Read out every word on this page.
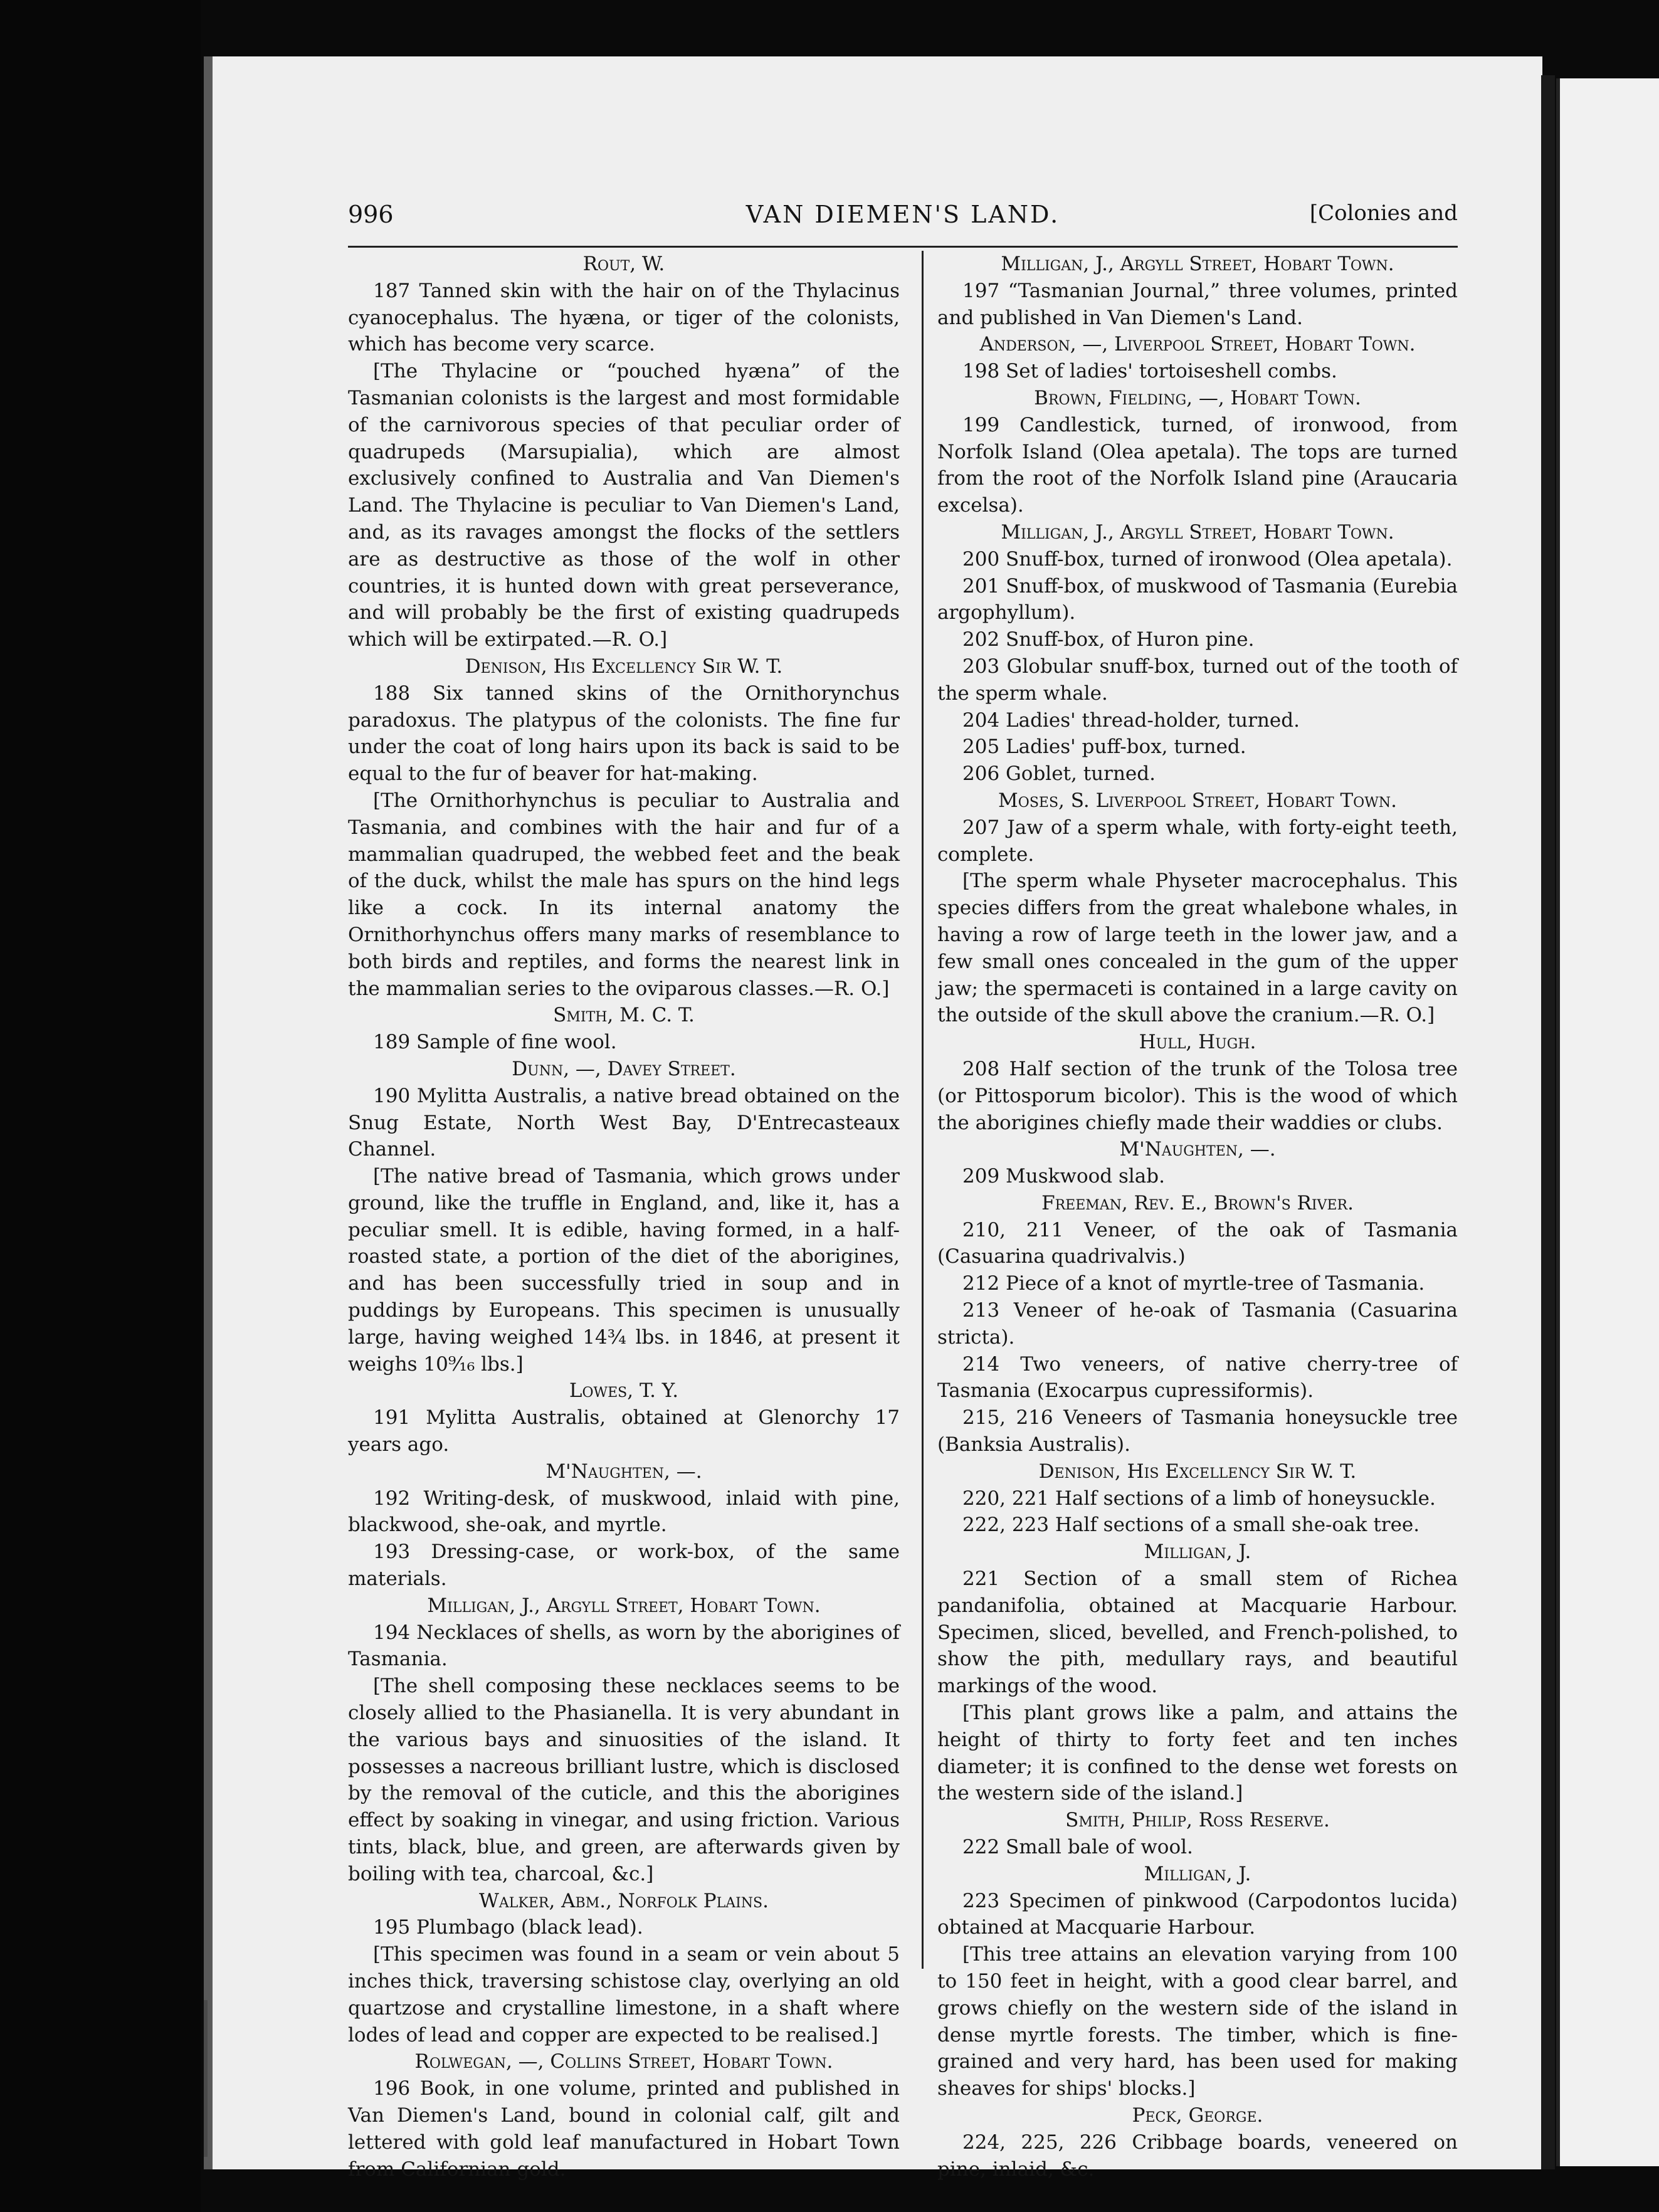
996	VAN DIEMEN'S LAND.	[Colonies and

Rout, W.

187 Tanned skin with the hair on of the Thylacinus cyanocephalus. The hyæna, or tiger of the colonists, which has become very scarce.

[The Thylacine or “pouched hyæna” of the Tasmanian colonists is the largest and most formidable of the carnivorous species of that peculiar order of quadrupeds (Marsupialia), which are almost exclusively confined to Australia and Van Diemen's Land. The Thylacine is peculiar to Van Diemen's Land, and, as its ravages amongst the flocks of the settlers are as destructive as those of the wolf in other countries, it is hunted down with great perseverance, and will probably be the first of existing quadrupeds which will be extirpated.—R. O.]

Denison, His Excellency Sir W. T.

188 Six tanned skins of the Ornithorynchus paradoxus. The platypus of the colonists. The fine fur under the coat of long hairs upon its back is said to be equal to the fur of beaver for hat-making.

[The Ornithorhynchus is peculiar to Australia and Tasmania, and combines with the hair and fur of a mammalian quadruped, the webbed feet and the beak of the duck, whilst the male has spurs on the hind legs like a cock. In its internal anatomy the Ornithorhynchus offers many marks of resemblance to both birds and reptiles, and forms the nearest link in the mammalian series to the oviparous classes.—R. O.]

Smith, M. C. T.

189 Sample of fine wool.

Dunn, —, Davey Street.

190 Mylitta Australis, a native bread obtained on the Snug Estate, North West Bay, D'Entrecasteaux Channel.

[The native bread of Tasmania, which grows under ground, like the truffle in England, and, like it, has a peculiar smell. It is edible, having formed, in a half-roasted state, a portion of the diet of the aborigines, and has been successfully tried in soup and in puddings by Europeans. This specimen is unusually large, having weighed 14¾ lbs. in 1846, at present it weighs 10⁹⁄₁₆ lbs.]

Lowes, T. Y.

191 Mylitta Australis, obtained at Glenorchy 17 years ago.

M'Naughten, —.

192 Writing-desk, of muskwood, inlaid with pine, blackwood, she-oak, and myrtle.

193 Dressing-case, or work-box, of the same materials.

Milligan, J., Argyll Street, Hobart Town.

194 Necklaces of shells, as worn by the aborigines of Tasmania.

[The shell composing these necklaces seems to be closely allied to the Phasianella. It is very abundant in the various bays and sinuosities of the island. It possesses a nacreous brilliant lustre, which is disclosed by the removal of the cuticle, and this the aborigines effect by soaking in vinegar, and using friction. Various tints, black, blue, and green, are afterwards given by boiling with tea, charcoal, &c.]

Walker, Abm., Norfolk Plains.

195 Plumbago (black lead).

[This specimen was found in a seam or vein about 5 inches thick, traversing schistose clay, overlying an old quartzose and crystalline limestone, in a shaft where lodes of lead and copper are expected to be realised.]

Rolwegan, —, Collins Street, Hobart Town.

196 Book, in one volume, printed and published in Van Diemen's Land, bound in colonial calf, gilt and lettered with gold leaf manufactured in Hobart Town from Californian gold.

Milligan, J., Argyll Street, Hobart Town.

197 “Tasmanian Journal,” three volumes, printed and published in Van Diemen's Land.

Anderson, —, Liverpool Street, Hobart Town.

198 Set of ladies' tortoiseshell combs.

Brown, Fielding, —, Hobart Town.

199 Candlestick, turned, of ironwood, from Norfolk Island (Olea apetala). The tops are turned from the root of the Norfolk Island pine (Araucaria excelsa).

Milligan, J., Argyll Street, Hobart Town.

200 Snuff-box, turned of ironwood (Olea apetala).

201 Snuff-box, of muskwood of Tasmania (Eurebia argophyllum).

202 Snuff-box, of Huron pine.

203 Globular snuff-box, turned out of the tooth of the sperm whale.

204 Ladies' thread-holder, turned.

205 Ladies' puff-box, turned.

206 Goblet, turned.

Moses, S. Liverpool Street, Hobart Town.

207 Jaw of a sperm whale, with forty-eight teeth, complete.

[The sperm whale Physeter macrocephalus. This species differs from the great whalebone whales, in having a row of large teeth in the lower jaw, and a few small ones concealed in the gum of the upper jaw; the spermaceti is contained in a large cavity on the outside of the skull above the cranium.—R. O.]

Hull, Hugh.

208 Half section of the trunk of the Tolosa tree (or Pittosporum bicolor). This is the wood of which the aborigines chiefly made their waddies or clubs.

M'Naughten, —.

209 Muskwood slab.

Freeman, Rev. E., Brown's River.

210, 211 Veneer, of the oak of Tasmania (Casuarina quadrivalvis.)

212 Piece of a knot of myrtle-tree of Tasmania.

213 Veneer of he-oak of Tasmania (Casuarina stricta).

214 Two veneers, of native cherry-tree of Tasmania (Exocarpus cupressiformis).

215, 216 Veneers of Tasmania honeysuckle tree (Banksia Australis).

Denison, His Excellency Sir W. T.

220, 221 Half sections of a limb of honeysuckle.

222, 223 Half sections of a small she-oak tree.

Milligan, J.

221 Section of a small stem of Richea pandanifolia, obtained at Macquarie Harbour. Specimen, sliced, bevelled, and French-polished, to show the pith, medullary rays, and beautiful markings of the wood.

[This plant grows like a palm, and attains the height of thirty to forty feet and ten inches diameter; it is confined to the dense wet forests on the western side of the island.]

Smith, Philip, Ross Reserve.

222 Small bale of wool.

Milligan, J.

223 Specimen of pinkwood (Carpodontos lucida) obtained at Macquarie Harbour.

[This tree attains an elevation varying from 100 to 150 feet in height, with a good clear barrel, and grows chiefly on the western side of the island in dense myrtle forests. The timber, which is fine-grained and very hard, has been used for making sheaves for ships' blocks.]

Peck, George.

224, 225, 226 Cribbage boards, veneered on pine, inlaid, &c.
